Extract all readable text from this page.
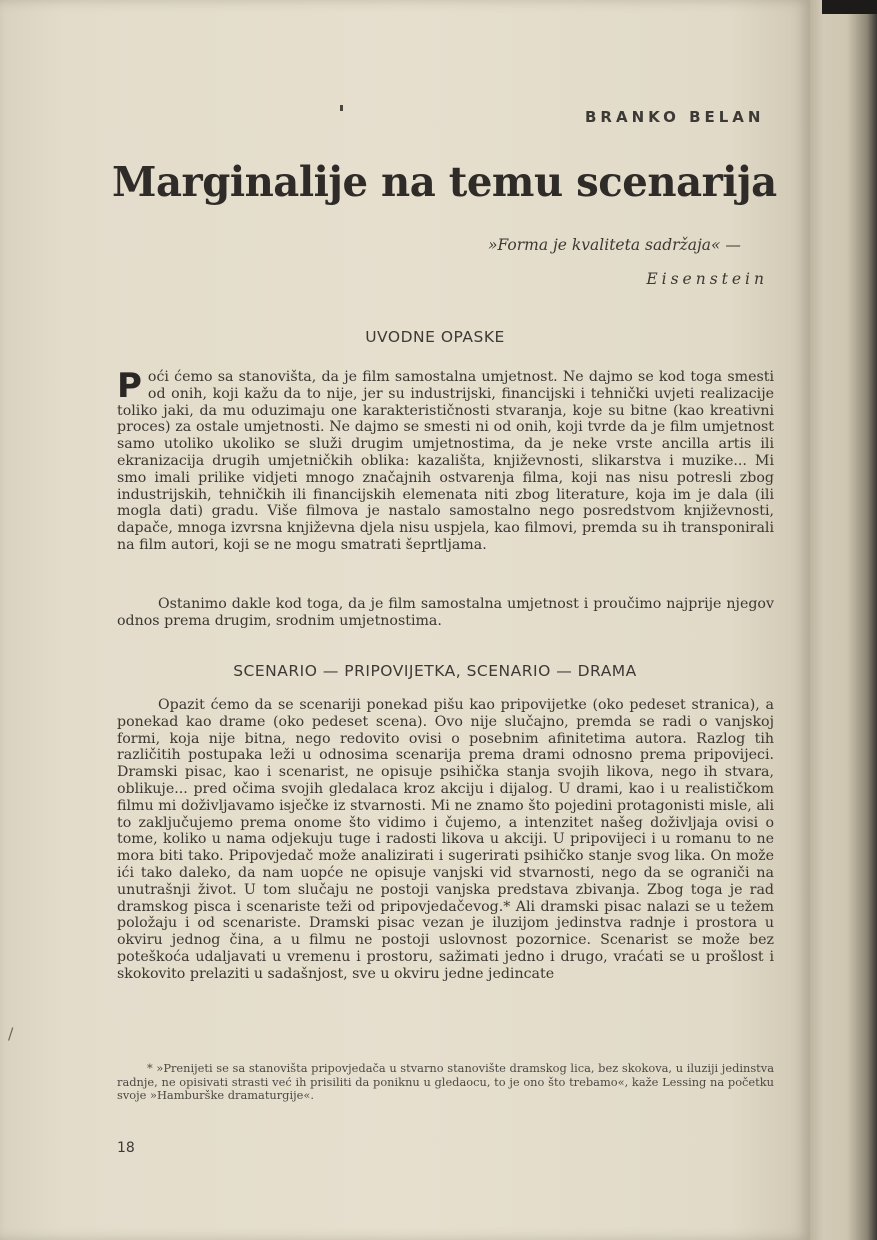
BRANKO BELAN
Marginalije na temu scenarija
»Forma je kvaliteta sadržaja« —
Eisenstein
UVODNE OPASKE
Poći ćemo sa stanovišta, da je film samostalna umjetnost. Ne dajmo se kod toga smesti od onih, koji kažu da to nije, jer su industrijski, financijski i tehnički uvjeti realizacije toliko jaki, da mu oduzimaju one karakterističnosti stvaranja, koje su bitne (kao kreativni proces) za ostale umjetnosti. Ne dajmo se smesti ni od onih, koji tvrde da je film umjetnost samo utoliko ukoliko se služi drugim umjetnostima, da je neke vrste ancilla artis ili ekranizacija drugih umjetničkih oblika: kazališta, književnosti, slikarstva i muzike... Mi smo imali prilike vidjeti mnogo značajnih ostvarenja filma, koji nas nisu potresli zbog industrijskih, tehničkih ili financijskih elemenata niti zbog literature, koja im je dala (ili mogla dati) gradu. Više filmova je nastalo samostalno nego posredstvom književnosti, dapače, mnoga izvrsna književna djela nisu uspjela, kao filmovi, premda su ih transponirali na film autori, koji se ne mogu smatrati šeprtljama.
Ostanimo dakle kod toga, da je film samostalna umjetnost i proučimo najprije njegov odnos prema drugim, srodnim umjetnostima.
SCENARIO — PRIPOVIJETKA, SCENARIO — DRAMA
Opazit ćemo da se scenariji ponekad pišu kao pripovijetke (oko pedeset stranica), a ponekad kao drame (oko pedeset scena). Ovo nije slučajno, premda se radi o vanjskoj formi, koja nije bitna, nego redovito ovisi o posebnim afinitetima autora. Razlog tih različitih postupaka leži u odnosima scenarija prema drami odnosno prema pripovijeci. Dramski pisac, kao i scenarist, ne opisuje psihička stanja svojih likova, nego ih stvara, oblikuje... pred očima svojih gledalaca kroz akciju i dijalog. U drami, kao i u realističkom filmu mi doživljavamo isječke iz stvarnosti. Mi ne znamo što pojedini protagonisti misle, ali to zaključujemo prema onome što vidimo i čujemo, a intenzitet našeg doživljaja ovisi o tome, koliko u nama odjekuju tuge i radosti likova u akciji. U pripovijeci i u romanu to ne mora biti tako. Pripovjedač može analizirati i sugerirati psihičko stanje svog lika. On može ići tako daleko, da nam uopće ne opisuje vanjski vid stvarnosti, nego da se ograniči na unutrašnji život. U tom slučaju ne postoji vanjska predstava zbivanja. Zbog toga je rad dramskog pisca i scenariste teži od pripovjedačevog.* Ali dramski pisac nalazi se u težem položaju i od scenariste. Dramski pisac vezan je iluzijom jedinstva radnje i prostora u okviru jednog čina, a u filmu ne postoji uslovnost pozornice. Scenarist se može bez poteškoća udaljavati u vremenu i prostoru, sažimati jedno i drugo, vraćati se u prošlost i skokovito prelaziti u sadašnjost, sve u okviru jedne jedincate
* »Prenijeti se sa stanovišta pripovjedača u stvarno stanovište dramskog lica, bez skokova, u iluziji jedinstva radnje, ne opisivati strasti već ih prisiliti da poniknu u gledaocu, to je ono što trebamo«, kaže Lessing na početku svoje »Hamburške dramaturgije«.
18
/
